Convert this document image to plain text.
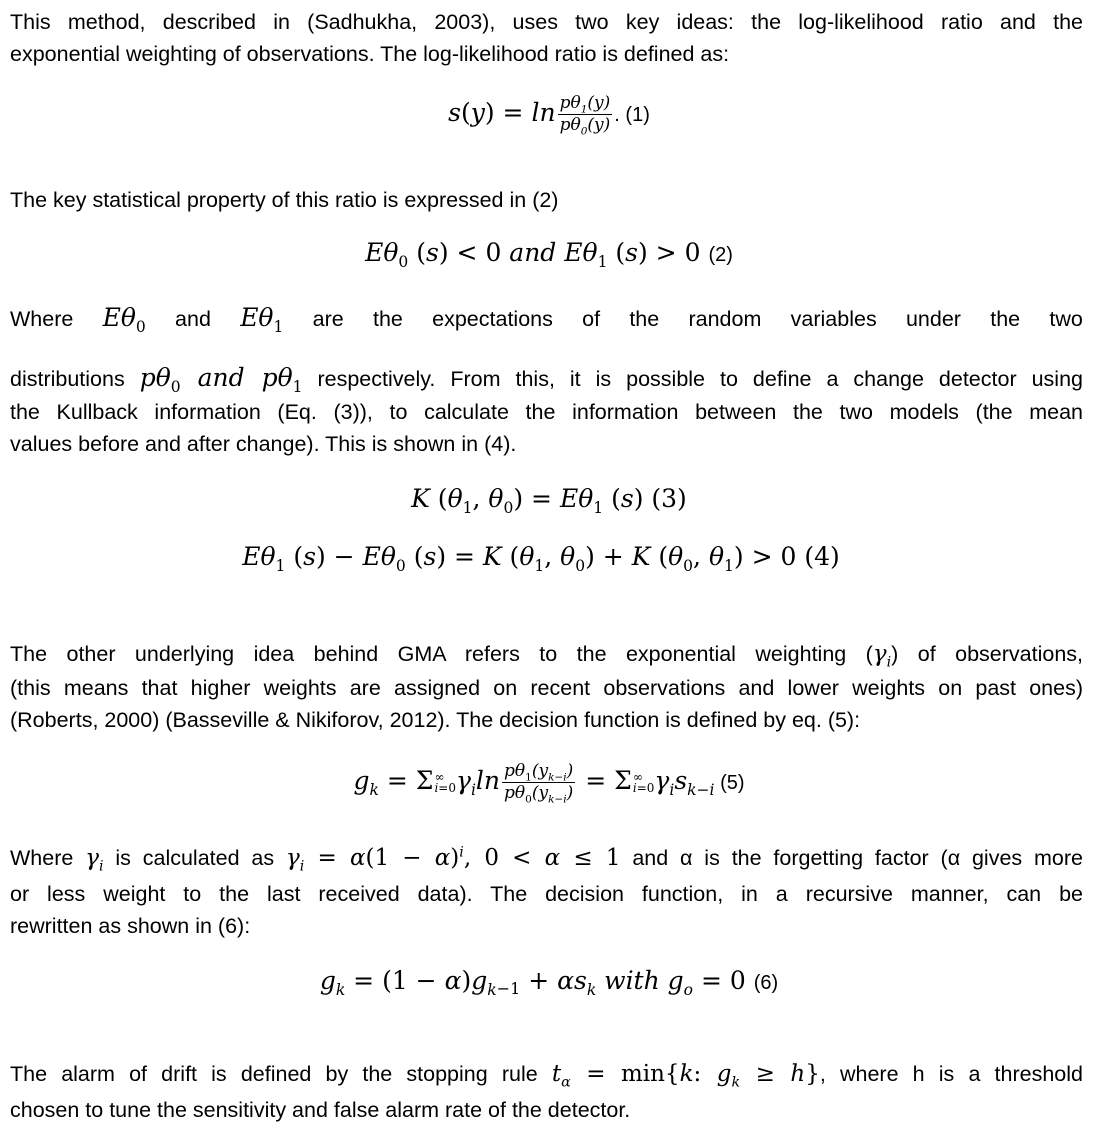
This method, described in (Sadhukha, 2003), uses two key ideas: the log-likelihood ratio and the
exponential weighting of observations. The log-likelihood ratio is defined as:
$s(y) = \ln \frac{p\theta_1(y)}{p\theta_0(y)}$ . (1)
The key statistical property of this ratio is expressed in (2)
$E\theta_0$ (s) < 0 and $E\theta_1$ (s) > 0 (2)
Where $E\theta_0$ and $E\theta_1$ are the expectations of the random variables under the two
distributions $p\theta_0$ and $p\theta_1$ respectively. From this, it is possible to define a change detector using
the Kullback information (Eq. (3)), to calculate the information between the two models (the mean
values before and after change). This is shown in (4).
K ($\theta_1$, $\theta_0) = E\theta_1$ (s) (3)
$E\theta_1$ $(s) - E\theta_0$ (s) = K ($\theta_1$, $\theta_0) + K$ ($\theta_0$, $\theta_1) > 0$ (4)
The other underlying idea behind GMA refers to the exponential weighting $(\gamma_i)$ of observations,
(this means that higher weights are assigned on recent observations and lower weights on past ones)
(Roberts, 2000) (Basseville & Nikiforov, 2012). The decision function is defined by eq. (5):
$g_k = \Sigma$ ∞
i=0 $\gamma_i\ln \frac{p\theta_1(y_{k-i})}{p\theta_0(y_{k-i})} = \Sigma$ ∞
i=0 $\gamma_is_{k-i}$ (5)
Where $\gamma_i$ is calculated as $\gamma_i = \alpha(1 - \alpha)^i$, 0 < α ≤ 1 and α is the forgetting factor (α gives more
or less weight to the last received data). The decision function, in a recursive manner, can be
rewritten as shown in (6):
$g_k = (1 - \alpha)g_{k-1} + \alpha s_k$ with $g_o = 0$ (6)
The alarm of drift is defined by the stopping rule $t_\alpha = \min\{k$: $g_k \ge h$}, where h is a threshold
chosen to tune the sensitivity and false alarm rate of the detector.
